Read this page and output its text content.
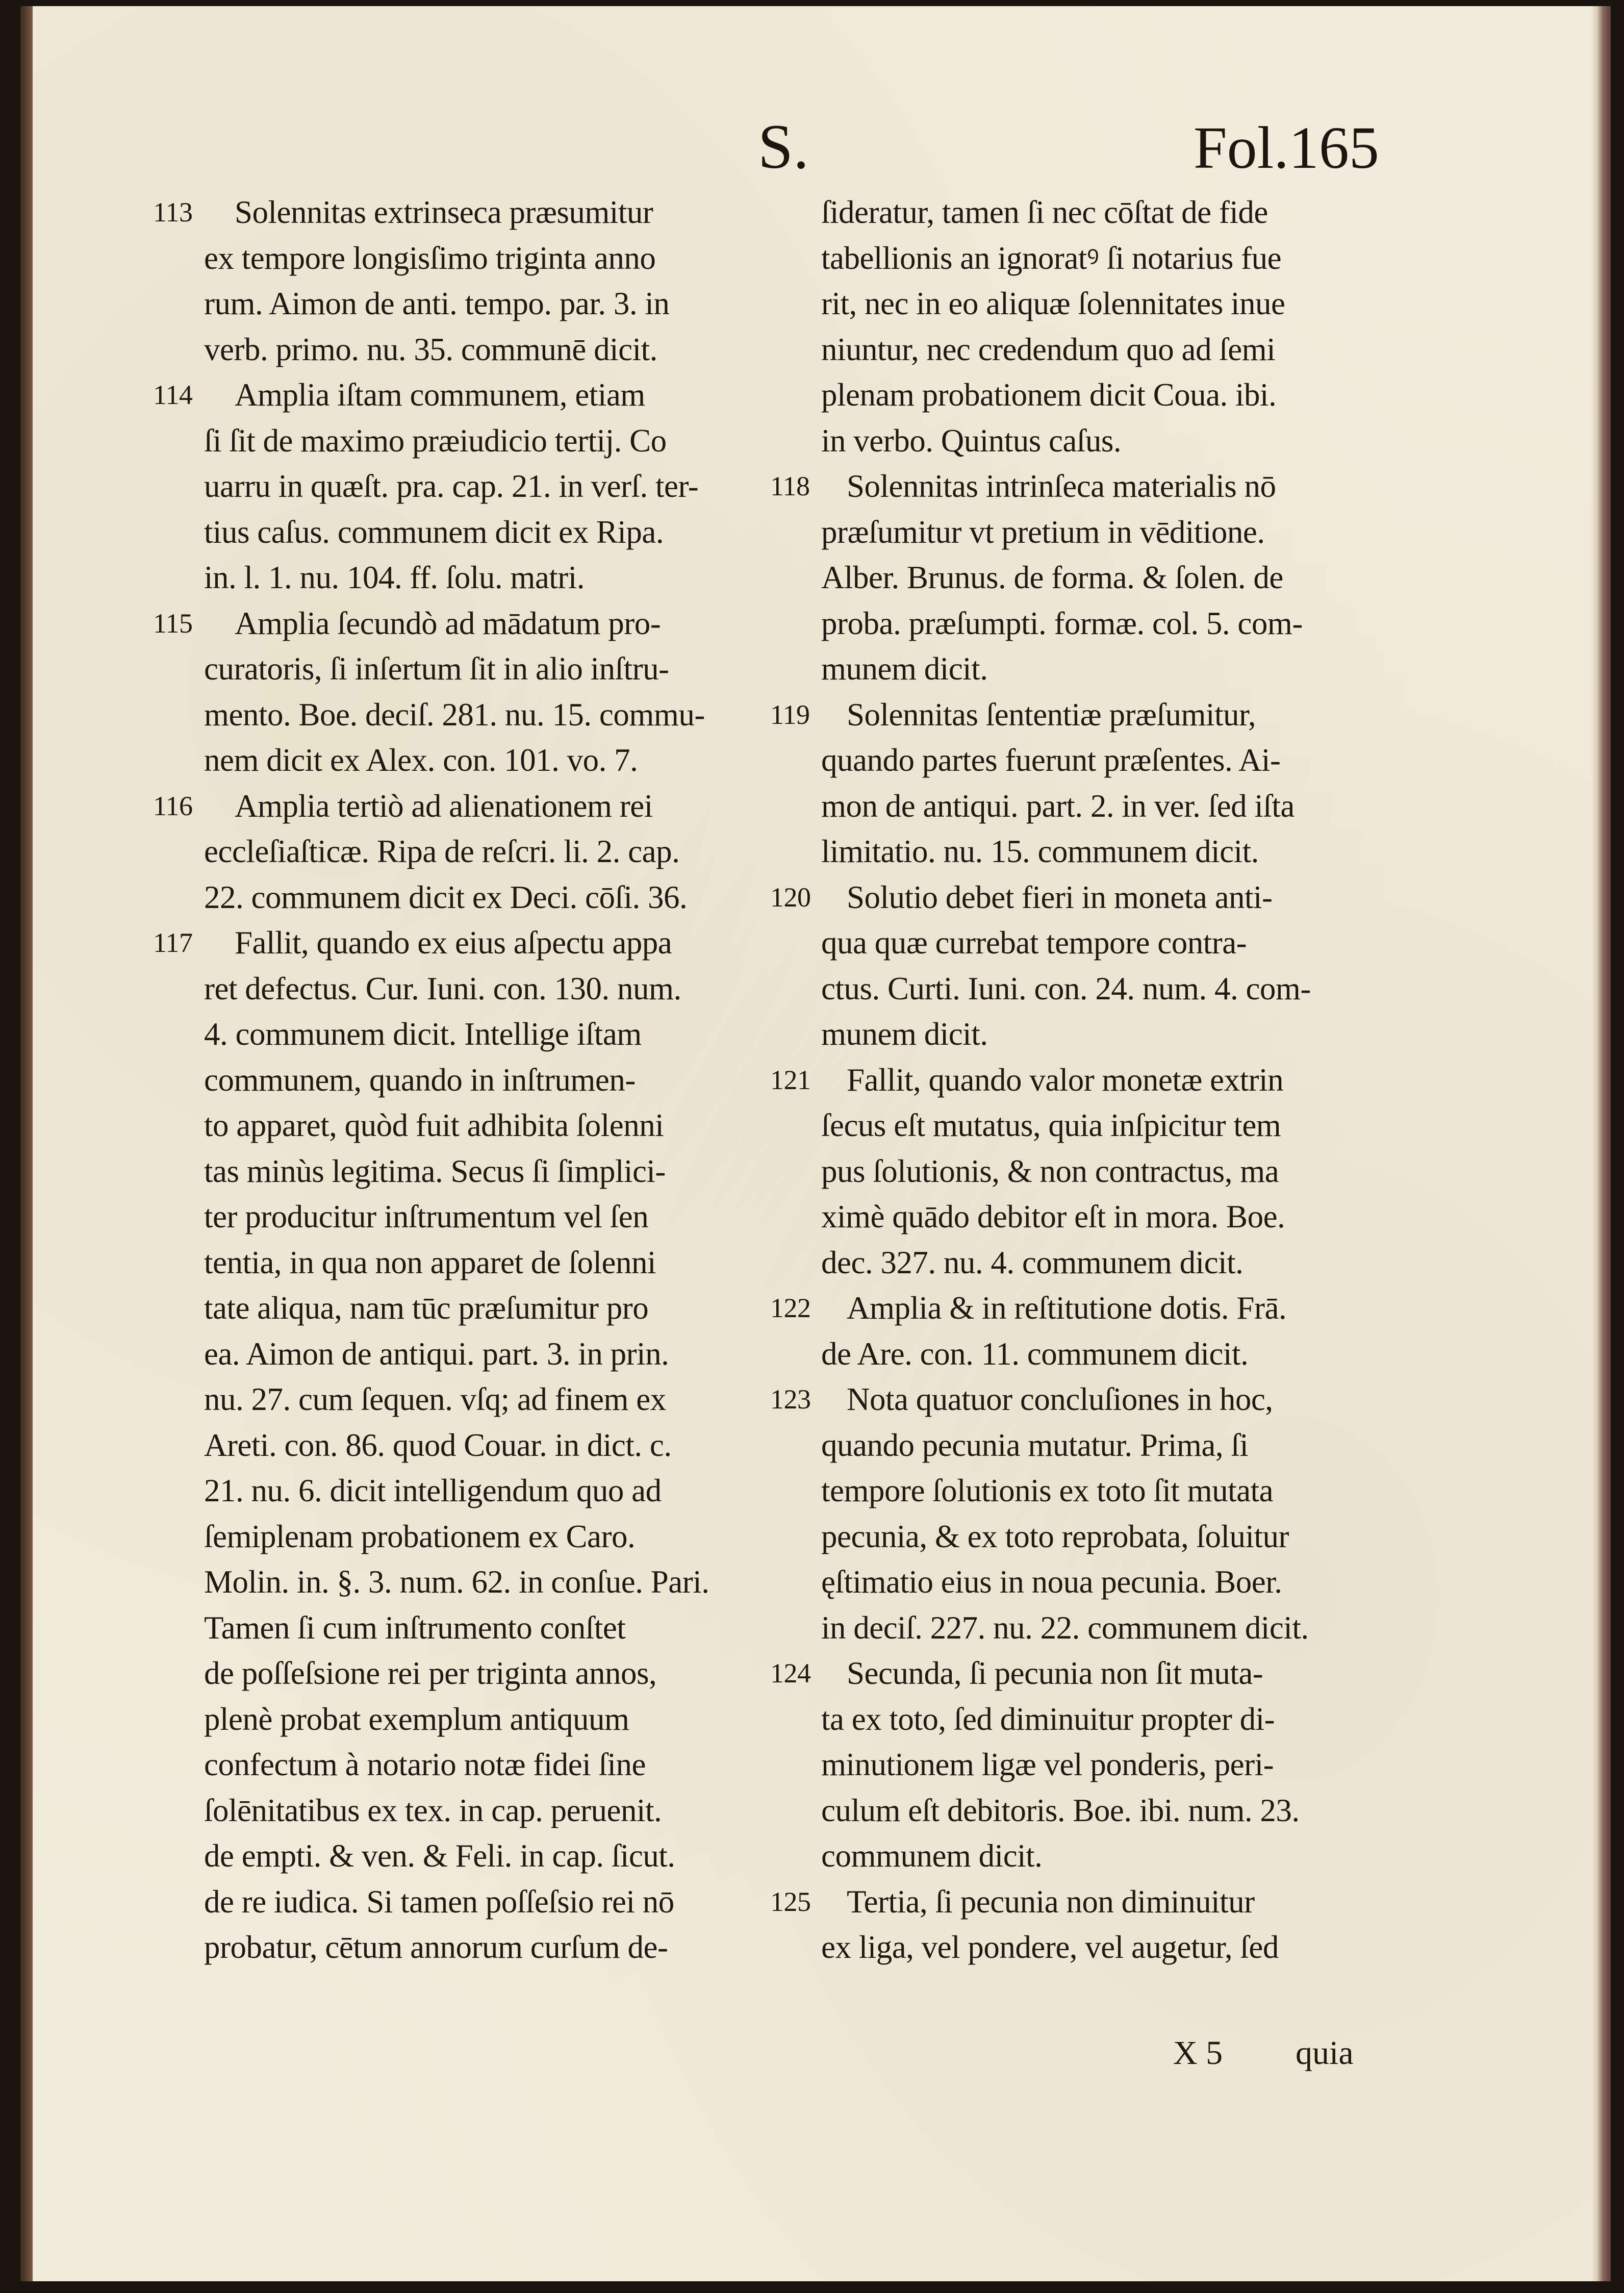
S.	Fol.165
113	Solennitas extrinseca præsumitur
ex tempore longisſimo triginta anno
rum. Aimon de anti. tempo. par. 3. in
verb. primo. nu. 35. communē dicit.
114	Amplia iſtam communem, etiam
ſi ſit de maximo præiudicio tertij. Co
uarru in quæſt. pra. cap. 21. in verſ. ter-
tius caſus. communem dicit ex Ripa.
in. l. 1. nu. 104. ff. ſolu. matri.
115	Amplia ſecundò ad mādatum pro-
curatoris, ſi inſertum ſit in alio inſtru-
mento. Boe. deciſ. 281. nu. 15. commu-
nem dicit ex Alex. con. 101. vo. 7.
116	Amplia tertiò ad alienationem rei
eccleſiaſticæ. Ripa de reſcri. li. 2. cap.
22. communem dicit ex Deci. cōſi. 36.
117	Fallit, quando ex eius aſpectu appa
ret defectus. Cur. Iuni. con. 130. num.
4. communem dicit. Intellige iſtam
communem, quando in inſtrumen-
to apparet, quòd fuit adhibita ſolenni
tas minùs legitima. Secus ſi ſimplici-
ter producitur inſtrumentum vel ſen
tentia, in qua non apparet de ſolenni
tate aliqua, nam tūc præſumitur pro
ea. Aimon de antiqui. part. 3. in prin.
nu. 27. cum ſequen. vſq; ad finem ex
Areti. con. 86. quod Couar. in dict. c.
21. nu. 6. dicit intelligendum quo ad
ſemiplenam probationem ex Caro.
Molin. in. §. 3. num. 62. in conſue. Pari.
Tamen ſi cum inſtrumento conſtet
de poſſeſsione rei per triginta annos,
plenè probat exemplum antiquum
confectum à notario notæ fidei ſine
ſolēnitatibus ex tex. in cap. peruenit.
de empti. & ven. & Feli. in cap. ſicut.
de re iudica. Si tamen poſſeſsio rei nō
probatur, cētum annorum curſum de-
ſideratur, tamen ſi nec cōſtat de fide
tabellionis an ignoratꝰ ſi notarius fue
rit, nec in eo aliquæ ſolennitates inue
niuntur, nec credendum quo ad ſemi
plenam probationem dicit Coua. ibi.
in verbo. Quintus caſus.
118	Solennitas intrinſeca materialis nō
præſumitur vt pretium in vēditione.
Alber. Brunus. de forma. & ſolen. de
proba. præſumpti. formæ. col. 5. com-
munem dicit.
119	Solennitas ſententiæ præſumitur,
quando partes fuerunt præſentes. Ai-
mon de antiqui. part. 2. in ver. ſed iſta
limitatio. nu. 15. communem dicit.
120	Solutio debet fieri in moneta anti-
qua quæ currebat tempore contra-
ctus. Curti. Iuni. con. 24. num. 4. com-
munem dicit.
121	Fallit, quando valor monetæ extrin
ſecus eſt mutatus, quia inſpicitur tem
pus ſolutionis, & non contractus, ma
ximè quādo debitor eſt in mora. Boe.
dec. 327. nu. 4. communem dicit.
122	Amplia & in reſtitutione dotis. Frā.
de Are. con. 11. communem dicit.
123	Nota quatuor concluſiones in hoc,
quando pecunia mutatur. Prima, ſi
tempore ſolutionis ex toto ſit mutata
pecunia, & ex toto reprobata, ſoluitur
ęſtimatio eius in noua pecunia. Boer.
in deciſ. 227. nu. 22. communem dicit.
124	Secunda, ſi pecunia non ſit muta-
ta ex toto, ſed diminuitur propter di-
minutionem ligæ vel ponderis, peri-
culum eſt debitoris. Boe. ibi. num. 23.
communem dicit.
125	Tertia, ſi pecunia non diminuitur
ex liga, vel pondere, vel augetur, ſed
X 5 quia
